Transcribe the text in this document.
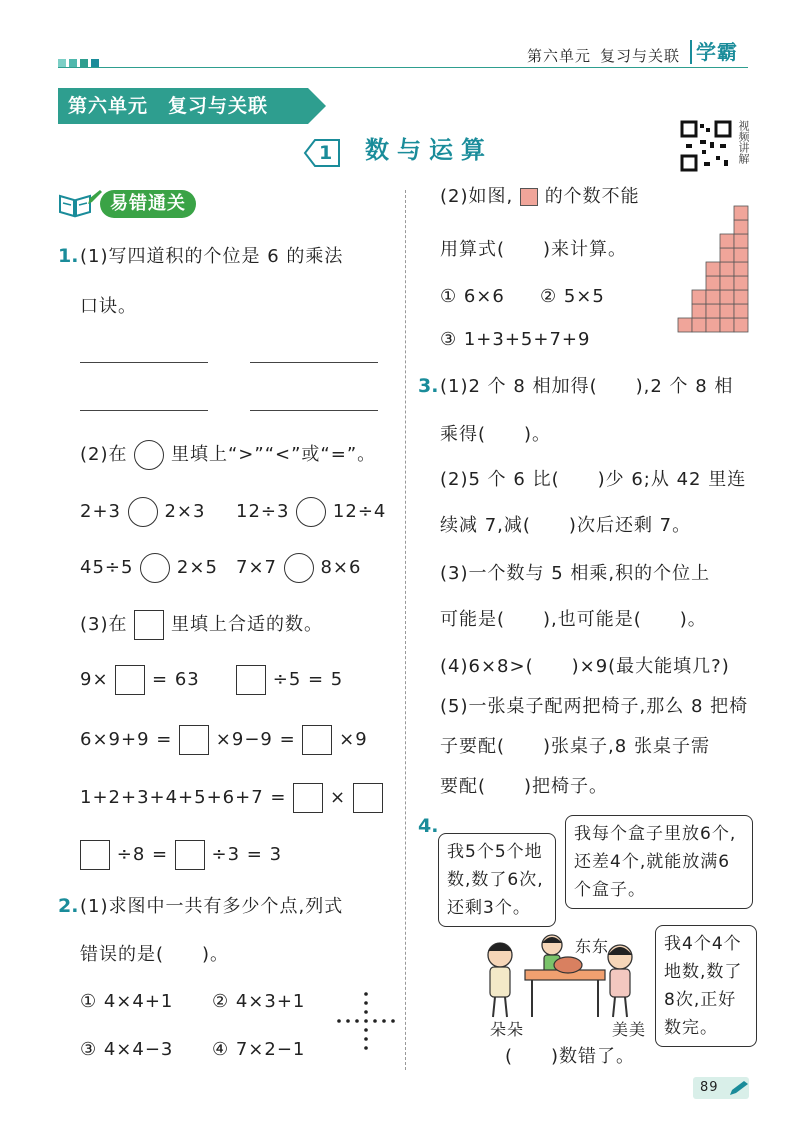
第六单元 复习与关联 学霸
第六单元　复习与关联
1 数与运算	视频讲解
易错通关
1. (1)写四道积的个位是 6 的乘法
口诀。
(2)在 里填上“>”“<”或“=”。
2+3 2×3 12÷3 12÷4
45÷5 2×5 7×7 8×6
(3)在 里填上合适的数。
9× = 63	÷5 = 5
6×9+9 = ×9−9 = ×9
1+2+3+4+5+6+7 = ×
÷8 = ÷3 = 3
2. (1)求图中一共有多少个点,列式
错误的是(　　)。
① 4×4+1 ② 4×3+1
③ 4×4−3 ④ 7×2−1
(2)如图, 的个数不能
用算式(　　)来计算。
① 6×6 ② 5×5
③ 1+3+5+7+9
3. (1)2 个 8 相加得(　　),2 个 8 相
乘得(　　)。
(2)5 个 6 比(　　)少 6;从 42 里连
续减 7,减(　　)次后还剩 7。
(3)一个数与 5 相乘,积的个位上
可能是(　　),也可能是(　　)。
(4)6×8>(　　)×9(最大能填几?)
(5)一张桌子配两把椅子,那么 8 把椅
子要配(　　)张桌子,8 张桌子需
要配(　　)把椅子。
4.
我5个5个地数,数了6次,还剩3个。
我每个盒子里放6个,还差4个,就能放满6个盒子。
我4个4个地数,数了8次,正好数完。
东东
朵朵	美美
(　　)数错了。
89
